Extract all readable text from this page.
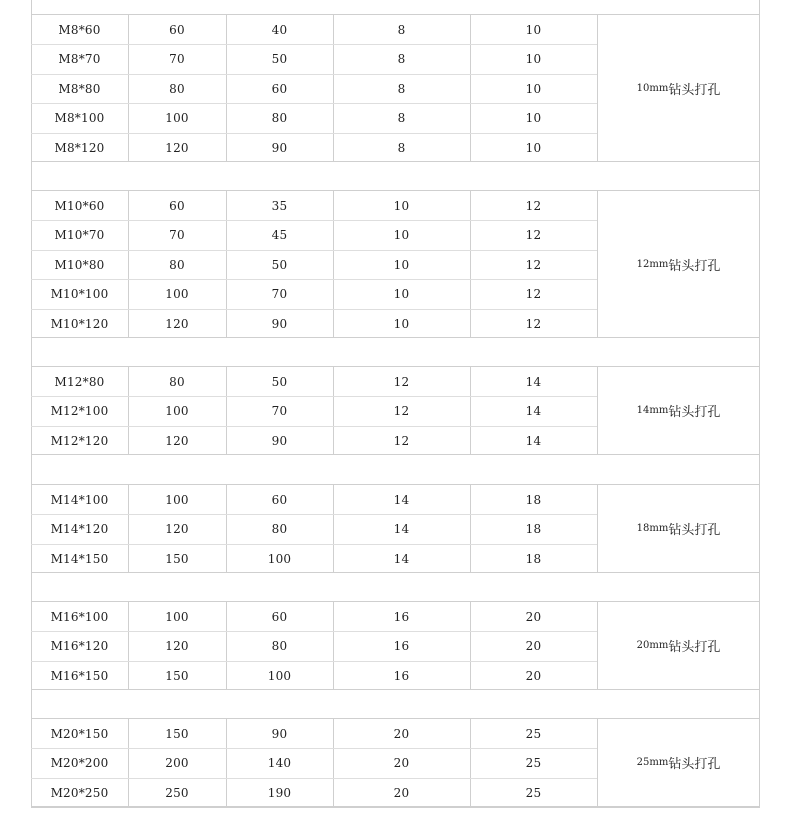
M8*60	60	40	8	10
M8*70	70	50	8	10
M8*80	80	60	8	10
M8*100	100	80	8	10
M8*120	120	90	8	10
10mm 钻头打孔
M10*60	60	35	10	12
M10*70	70	45	10	12
M10*80	80	50	10	12
M10*100	100	70	10	12
M10*120	120	90	10	12
12mm 钻头打孔
M12*80	80	50	12	14
M12*100	100	70	12	14
M12*120	120	90	12	14
14mm 钻头打孔
M14*100	100	60	14	18
M14*120	120	80	14	18
M14*150	150	100	14	18
18mm 钻头打孔
M16*100	100	60	16	20
M16*120	120	80	16	20
M16*150	150	100	16	20
20mm 钻头打孔
M20*150	150	90	20	25
M20*200	200	140	20	25
M20*250	250	190	20	25
25mm 钻头打孔
